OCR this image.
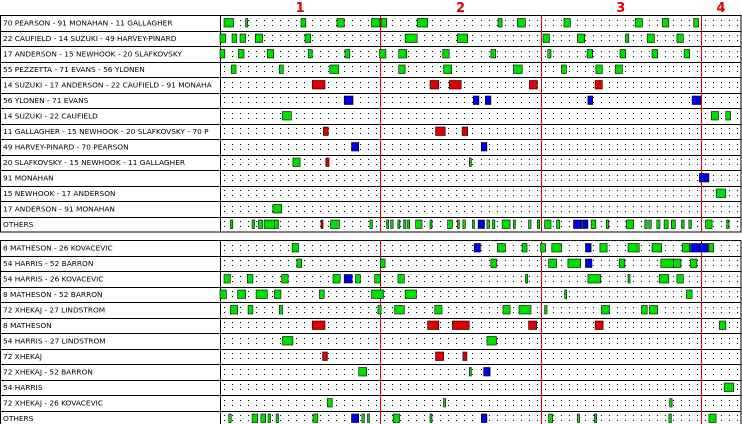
70 PEARSON - 91 MONAHAN - 11 GALLAGHER
22 CAUFIELD - 14 SUZUKI - 49 HARVEY-PINARD
17 ANDERSON - 15 NEWHOOK - 20 SLAFKOVSKY
55 PEZZETTA - 71 EVANS - 56 YLONEN
14 SUZUKI - 17 ANDERSON - 22 CAUFIELD - 91 MONAHA
56 YLONEN - 71 EVANS
14 SUZUKI - 22 CAUFIELD
11 GALLAGHER - 15 NEWHOOK - 20 SLAFKOVSKY - 70 P
49 HARVEY-PINARD - 70 PEARSON
20 SLAFKOVSKY - 15 NEWHOOK - 11 GALLAGHER
91 MONAHAN
15 NEWHOOK - 17 ANDERSON
17 ANDERSON - 91 MONAHAN
OTHERS
8 MATHESON - 26 KOVACEVIC
54 HARRIS - 52 BARRON
54 HARRIS - 26 KOVACEVIC
8 MATHESON - 52 BARRON
72 XHEKAJ - 27 LINDSTROM
8 MATHESON
54 HARRIS - 27 LINDSTROM
72 XHEKAJ
72 XHEKAJ - 52 BARRON
54 HARRIS
72 XHEKAJ - 26 KOVACEVIC
OTHERS
1	2	3	4
